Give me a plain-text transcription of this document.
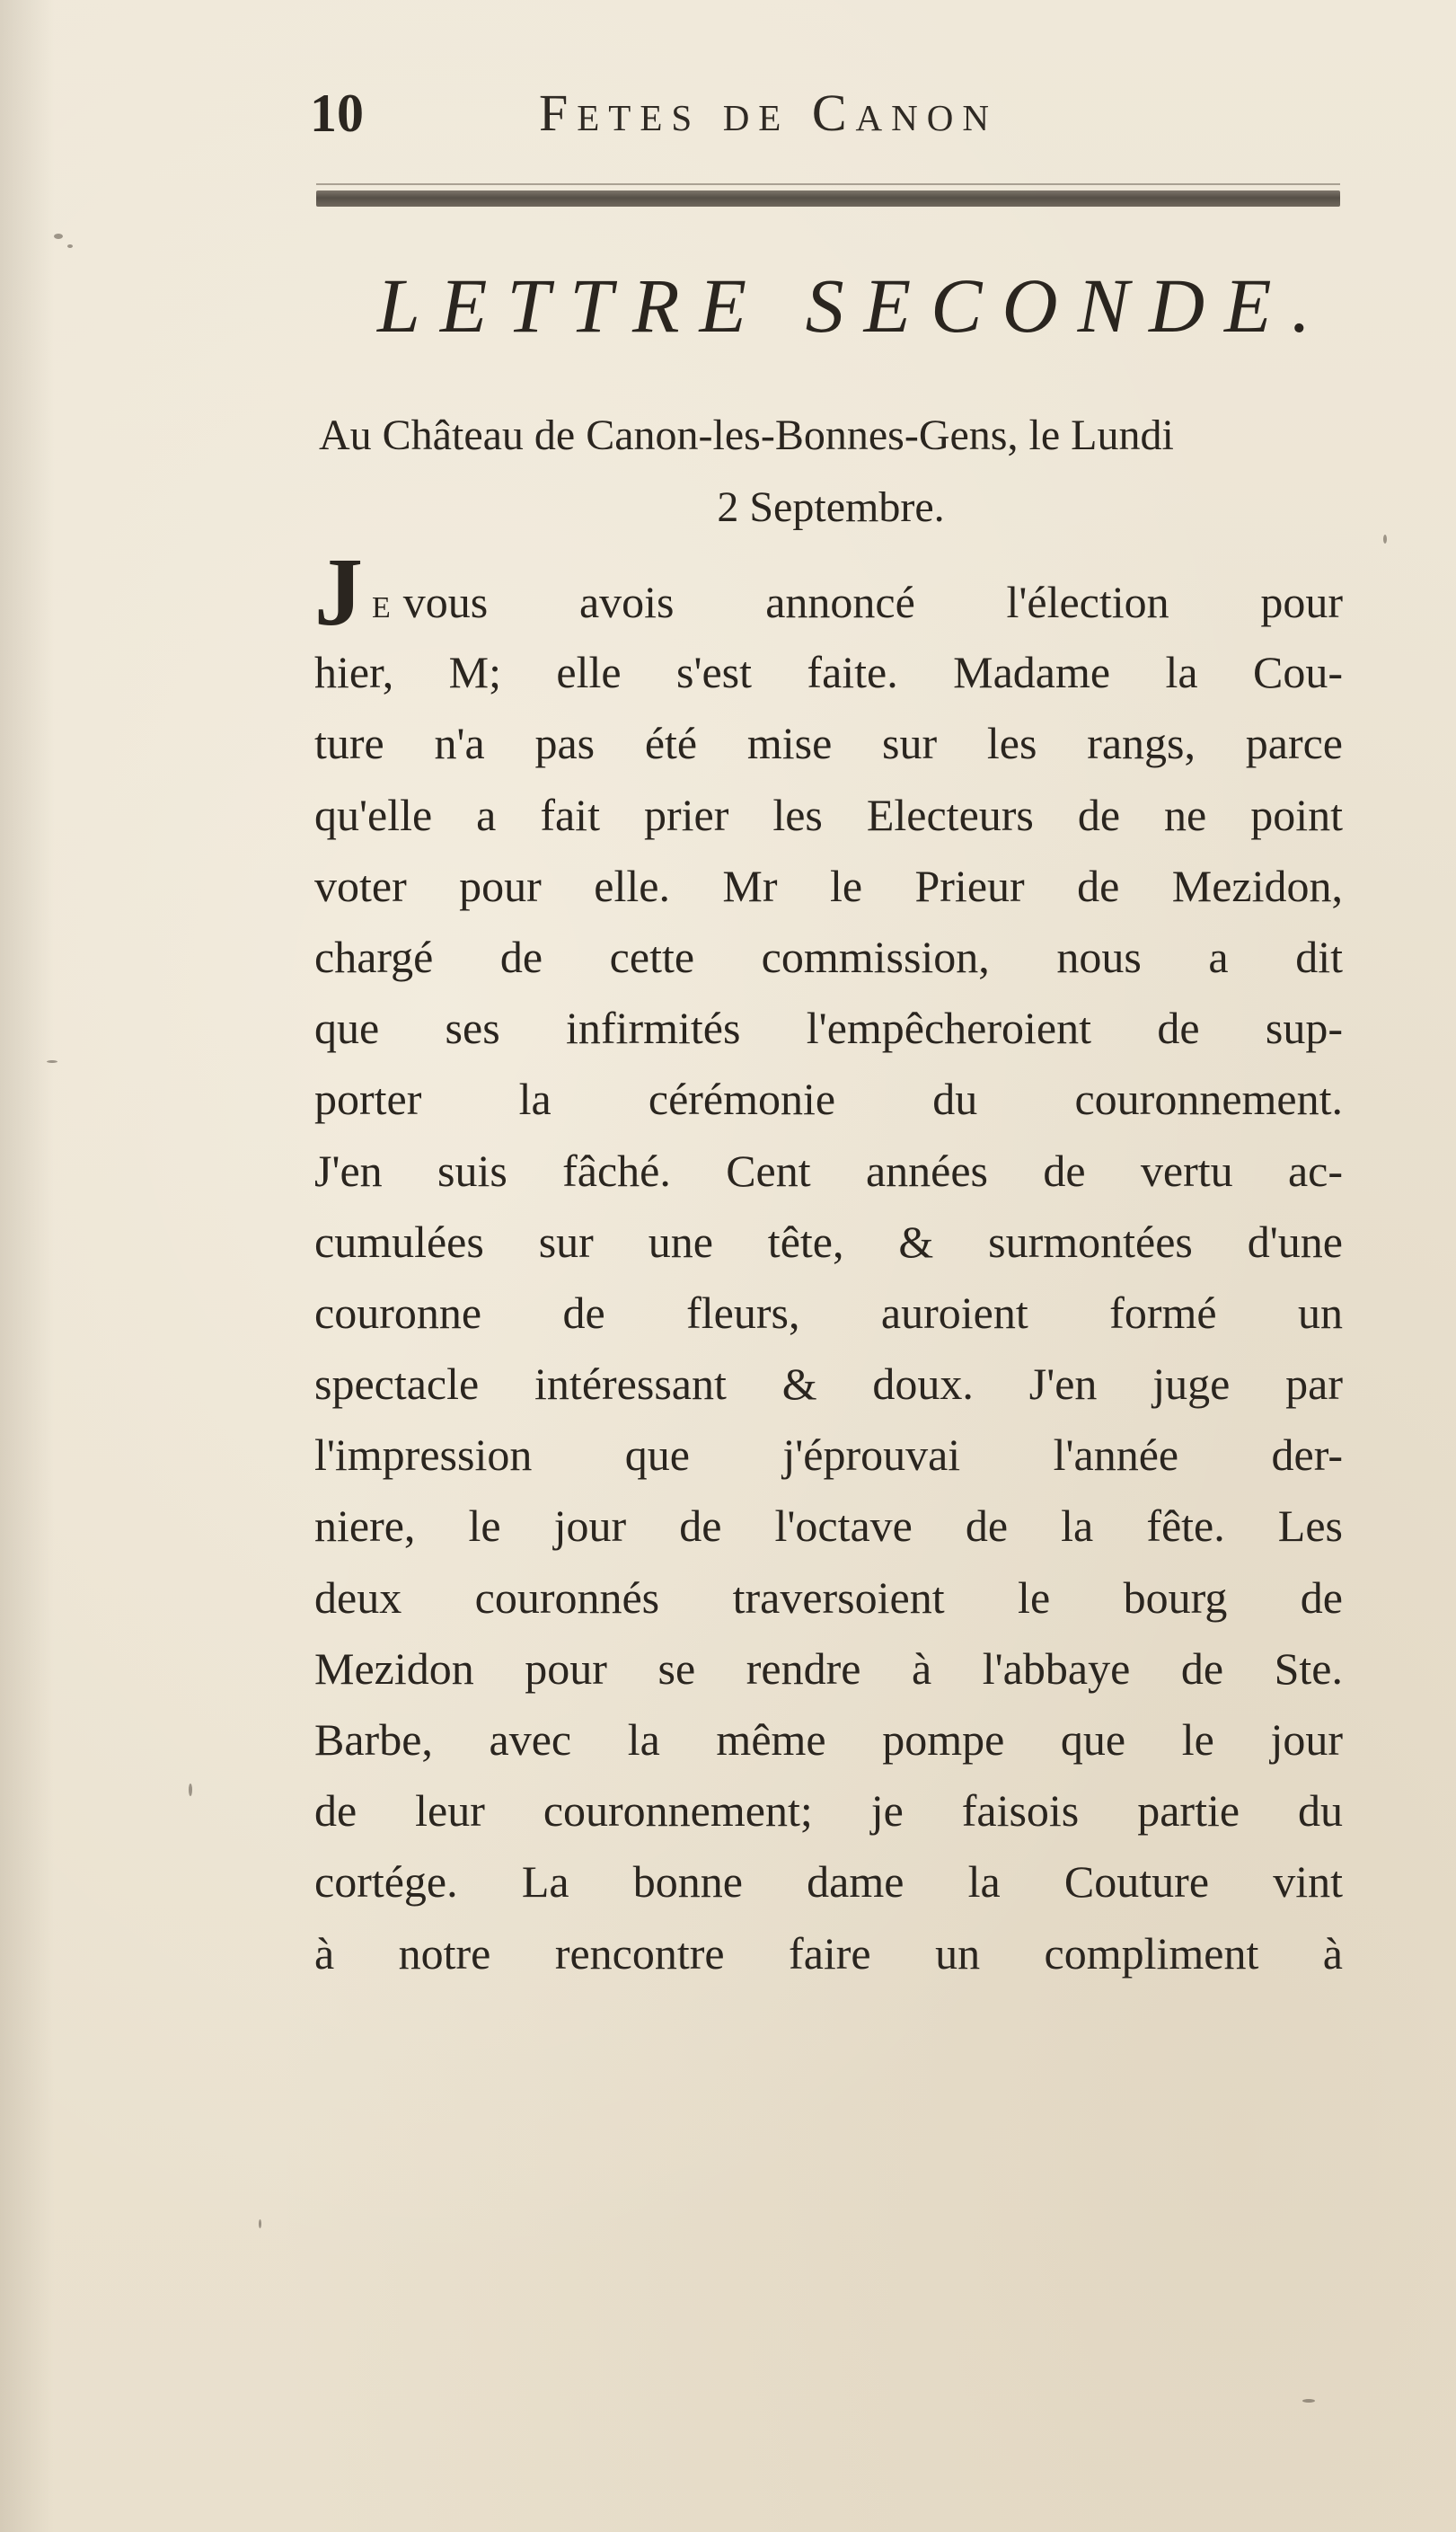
10	Fetes de Canon
LETTRE SECONDE.
Au Château de Canon-les-Bonnes-Gens, le Lundi
2 Septembre.
J E vous avois annoncé l'élection pour
hier, M; elle s'est faite. Madame la Cou-
ture n'a pas été mise sur les rangs, parce
qu'elle a fait prier les Electeurs de ne point
voter pour elle. Mr le Prieur de Mezidon,
chargé de cette commission, nous a dit
que ses infirmités l'empêcheroient de sup-
porter la cérémonie du couronnement.
J'en suis fâché. Cent années de vertu ac-
cumulées sur une tête, & surmontées d'une
couronne de fleurs, auroient formé un
spectacle intéressant & doux. J'en juge par
l'impression que j'éprouvai l'année der-
niere, le jour de l'octave de la fête. Les
deux couronnés traversoient le bourg de
Mezidon pour se rendre à l'abbaye de Ste.
Barbe, avec la même pompe que le jour
de leur couronnement; je faisois partie du
cortége. La bonne dame la Couture vint
à notre rencontre faire un compliment à
